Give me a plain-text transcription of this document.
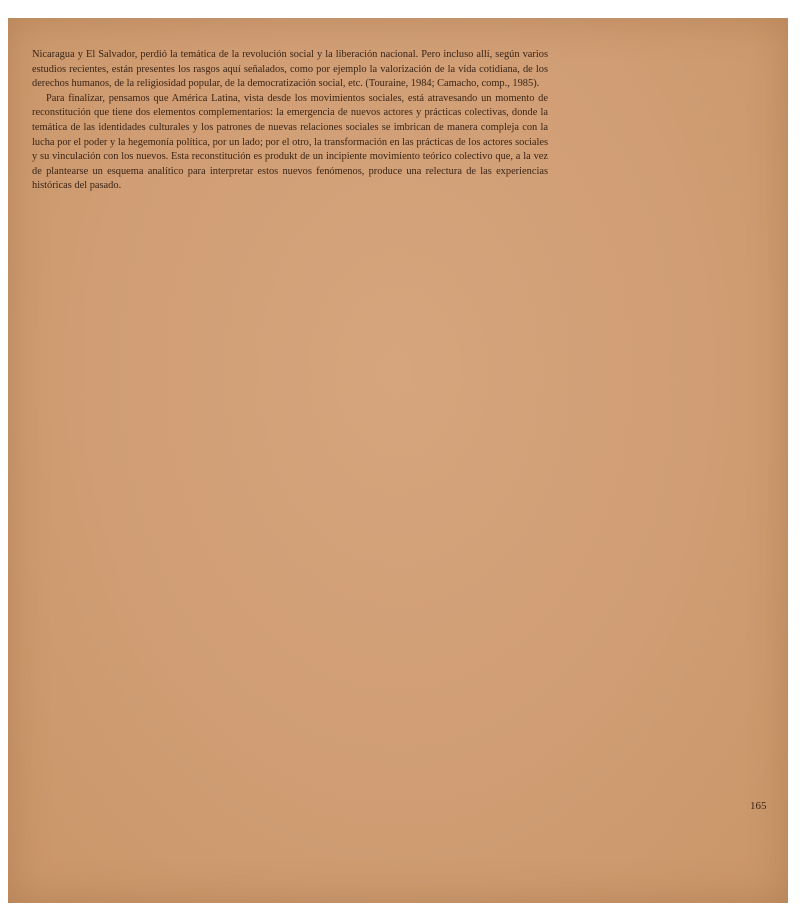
Nicaragua y El Salvador, perdió la temática de la revolución social y la liberación nacional. Pero incluso allí, según varios estudios recientes, están presentes los rasgos aquí señalados, como por ejemplo la valorización de la vida cotidiana, de los derechos humanos, de la religiosidad popular, de la democratización social, etc. (Touraine, 1984; Camacho, comp., 1985).

Para finalizar, pensamos que América Latina, vista desde los movimientos sociales, está atravesando un momento de reconstitución que tiene dos elementos complementarios: la emergencia de nuevos actores y prácticas colectivas, donde la temática de las identidades culturales y los patrones de nuevas relaciones sociales se imbrican de manera compleja con la lucha por el poder y la hegemonía política, por un lado; por el otro, la transformación en las prácticas de los actores sociales y su vinculación con los nuevos. Esta reconstitución es produkt de un incipiente movimiento teórico colectivo que, a la vez de plantearse un esquema analítico para interpretar estos nuevos fenómenos, produce una relectura de las experiencias históricas del pasado.

165
